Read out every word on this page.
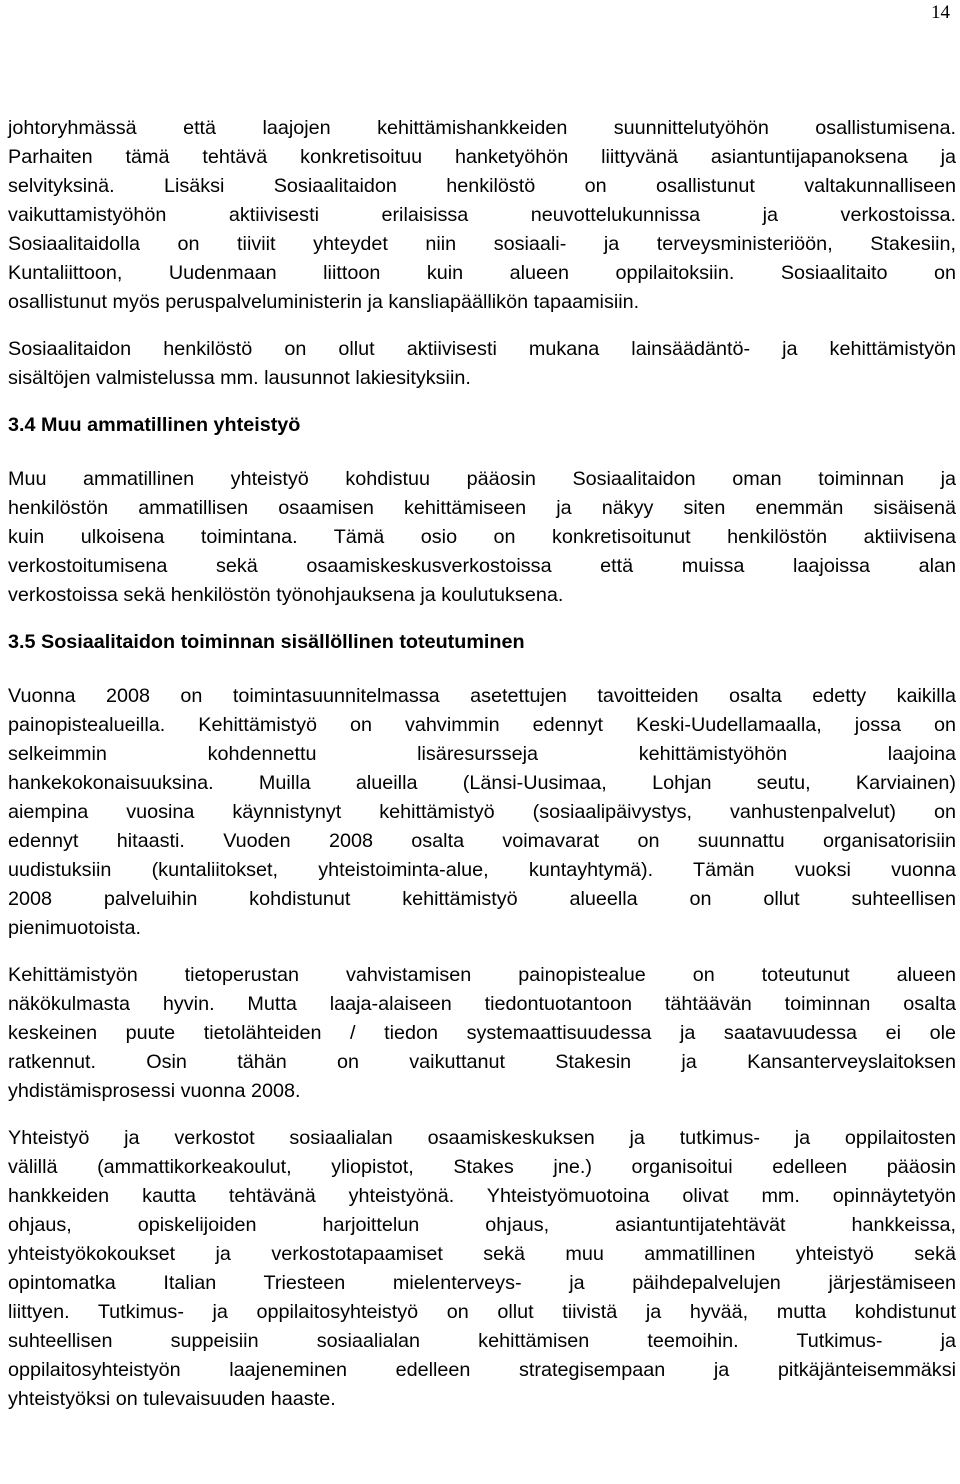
14

johtoryhmässä että laajojen kehittämishankkeiden suunnittelutyöhön osallistumisena.
Parhaiten tämä tehtävä konkretisoituu hanketyöhön liittyvänä asiantuntijapanoksena ja
selvityksinä. Lisäksi Sosiaalitaidon henkilöstö on osallistunut valtakunnalliseen
vaikuttamistyöhön aktiivisesti erilaisissa neuvottelukunnissa ja verkostoissa.
Sosiaalitaidolla on tiiviit yhteydet niin sosiaali- ja terveysministeriöön, Stakesiin,
Kuntaliittoon, Uudenmaan liittoon kuin alueen oppilaitoksiin. Sosiaalitaito on
osallistunut myös peruspalveluministerin ja kansliapäällikön tapaamisiin.

Sosiaalitaidon henkilöstö on ollut aktiivisesti mukana lainsäädäntö- ja kehittämistyön
sisältöjen valmistelussa mm. lausunnot lakiesityksiin.

3.4 Muu ammatillinen yhteistyö

Muu ammatillinen yhteistyö kohdistuu pääosin Sosiaalitaidon oman toiminnan ja
henkilöstön ammatillisen osaamisen kehittämiseen ja näkyy siten enemmän sisäisenä
kuin ulkoisena toimintana. Tämä osio on konkretisoitunut henkilöstön aktiivisena
verkostoitumisena sekä osaamiskeskusverkostoissa että muissa laajoissa alan
verkostoissa sekä henkilöstön työnohjauksena ja koulutuksena.

3.5 Sosiaalitaidon toiminnan sisällöllinen toteutuminen

Vuonna 2008 on toimintasuunnitelmassa asetettujen tavoitteiden osalta edetty kaikilla
painopistealueilla. Kehittämistyö on vahvimmin edennyt Keski-Uudellamaalla, jossa on
selkeimmin kohdennettu lisäresursseja kehittämistyöhön laajoina
hankekokonaisuuksina. Muilla alueilla (Länsi-Uusimaa, Lohjan seutu, Karviainen)
aiempina vuosina käynnistynyt kehittämistyö (sosiaalipäivystys, vanhustenpalvelut) on
edennyt hitaasti. Vuoden 2008 osalta voimavarat on suunnattu organisatorisiin
uudistuksiin (kuntaliitokset, yhteistoiminta-alue, kuntayhtymä). Tämän vuoksi vuonna
2008 palveluihin kohdistunut kehittämistyö alueella on ollut suhteellisen
pienimuotoista.

Kehittämistyön tietoperustan vahvistamisen painopistealue on toteutunut alueen
näkökulmasta hyvin. Mutta laaja-alaiseen tiedontuotantoon tähtäävän toiminnan osalta
keskeinen puute tietolähteiden / tiedon systemaattisuudessa ja saatavuudessa ei ole
ratkennut. Osin tähän on vaikuttanut Stakesin ja Kansanterveyslaitoksen
yhdistämisprosessi vuonna 2008.

Yhteistyö ja verkostot sosiaalialan osaamiskeskuksen ja tutkimus- ja oppilaitosten
välillä (ammattikorkeakoulut, yliopistot, Stakes jne.) organisoitui edelleen pääosin
hankkeiden kautta tehtävänä yhteistyönä. Yhteistyömuotoina olivat mm. opinnäytetyön
ohjaus, opiskelijoiden harjoittelun ohjaus, asiantuntijatehtävät hankkeissa,
yhteistyökokoukset ja verkostotapaamiset sekä muu ammatillinen yhteistyö sekä
opintomatka Italian Triesteen mielenterveys- ja päihdepalvelujen järjestämiseen
liittyen. Tutkimus- ja oppilaitosyhteistyö on ollut tiivistä ja hyvää, mutta kohdistunut
suhteellisen suppeisiin sosiaalialan kehittämisen teemoihin. Tutkimus- ja
oppilaitosyhteistyön laajeneminen edelleen strategisempaan ja pitkäjänteisemmäksi
yhteistyöksi on tulevaisuuden haaste.
